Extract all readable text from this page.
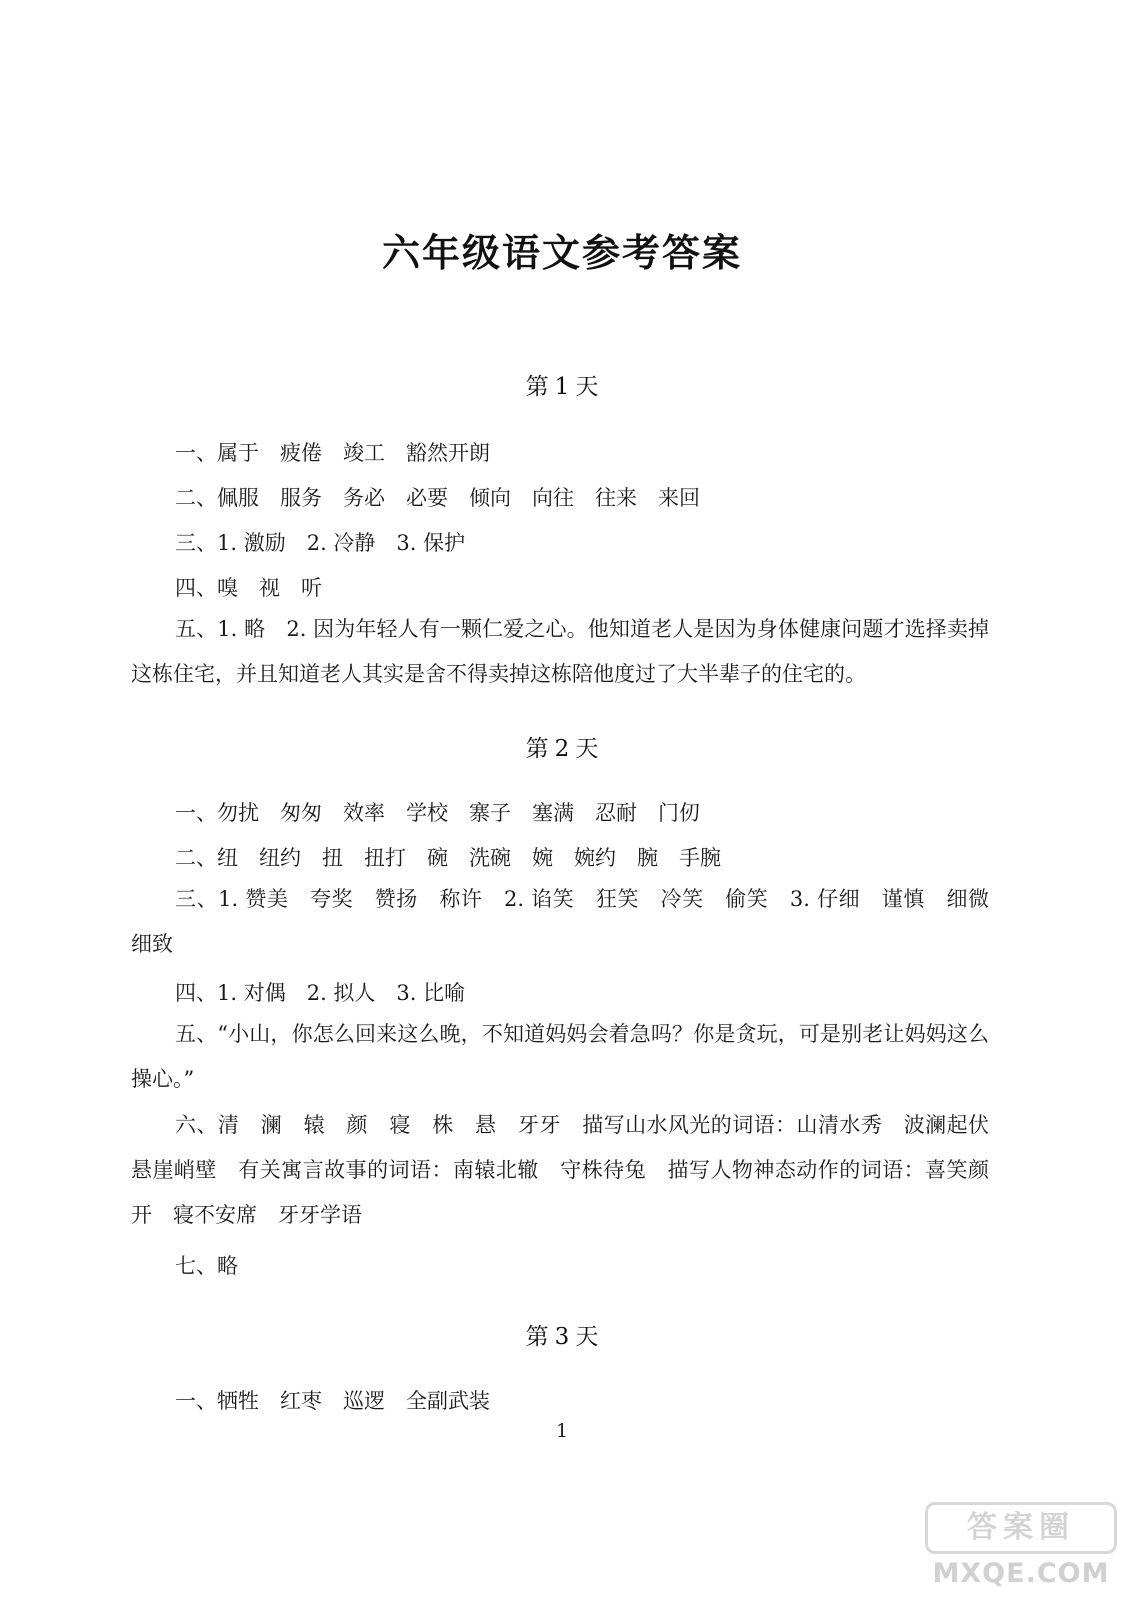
六年级语文参考答案
第 1 天
一、属于　疲倦　竣工　豁然开朗
二、佩服　服务　务必　必要　倾向　向往　往来　来回
三、1. 激励　2. 冷静　3. 保护
四、嗅　视　听
五、1. 略　2. 因为年轻人有一颗仁爱之心。他知道老人是因为身体健康问题才选择卖掉这栋住宅，并且知道老人其实是舍不得卖掉这栋陪他度过了大半辈子的住宅的。
第 2 天
一、勿扰　匆匆　效率　学校　寨子　塞满　忍耐　门仞
二、纽　纽约　扭　扭打　碗　洗碗　婉　婉约　腕　手腕
三、1. 赞美　夸奖　赞扬　称许　2. 谄笑　狂笑　冷笑　偷笑　3. 仔细　谨慎　细微　细致
四、1. 对偶　2. 拟人　3. 比喻
五、“小山，你怎么回来这么晚，不知道妈妈会着急吗？你是贪玩，可是别老让妈妈这么操心。”
六、清　澜　辕　颜　寝　株　悬　牙牙　描写山水风光的词语：山清水秀　波澜起伏　悬崖峭壁　有关寓言故事的词语：南辕北辙　守株待兔　描写人物神态动作的词语：喜笑颜开　寝不安席　牙牙学语
七、略
第 3 天
一、牺牲　红枣　巡逻　全副武装
1
答案圈
MXQE.COM
